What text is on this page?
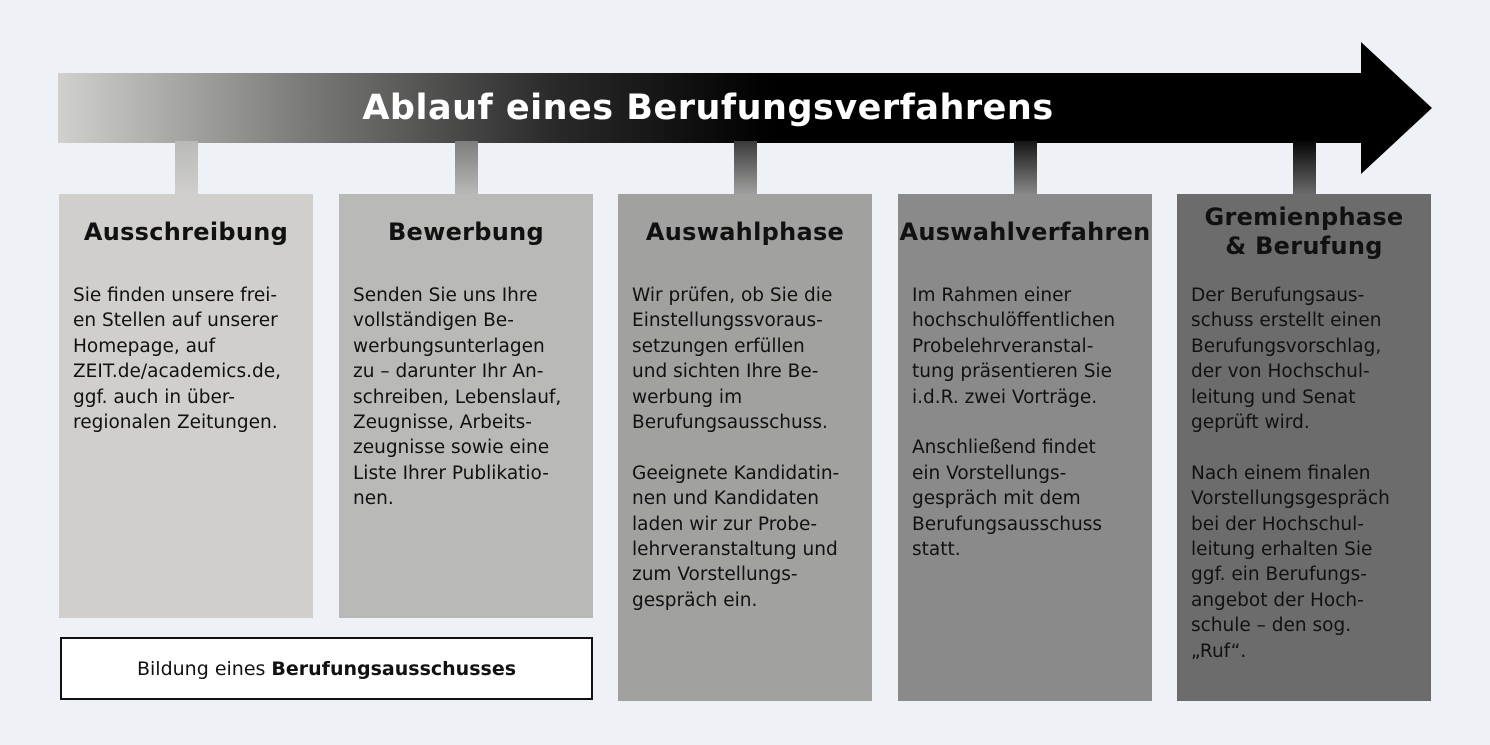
Ablauf eines Berufungsverfahrens
Ausschreibung

Sie finden unsere frei-
en Stellen auf unserer
Homepage, auf
ZEIT.de/academics.de,
ggf. auch in über-
regionalen Zeitungen.

Bewerbung

Senden Sie uns Ihre
vollständigen Be-
werbungsunterlagen
zu – darunter Ihr An-
schreiben, Lebenslauf,
Zeugnisse, Arbeits-
zeugnisse sowie eine
Liste Ihrer Publikatio-
nen.

Auswahlphase

Wir prüfen, ob Sie die
Einstellungssvoraus-
setzungen erfüllen
und sichten Ihre Be-
werbung im
Berufungsausschuss.

Geeignete Kandidatin-
nen und Kandidaten
laden wir zur Probe-
lehrveranstaltung und
zum Vorstellungs-
gespräch ein.

Auswahlverfahren

Im Rahmen einer
hochschulöffentlichen
Probelehrveranstal-
tung präsentieren Sie
i.d.R. zwei Vorträge.

Anschließend findet
ein Vorstellungs-
gespräch mit dem
Berufungsausschuss
statt.

Gremienphase
& Berufung

Der Berufungsaus-
schuss erstellt einen
Berufungsvorschlag,
der von Hochschul-
leitung und Senat
geprüft wird.

Nach einem finalen
Vorstellungsgespräch
bei der Hochschul-
leitung erhalten Sie
ggf. ein Berufungs-
angebot der Hoch-
schule – den sog.
„Ruf“.

Bildung eines Berufungsausschusses
